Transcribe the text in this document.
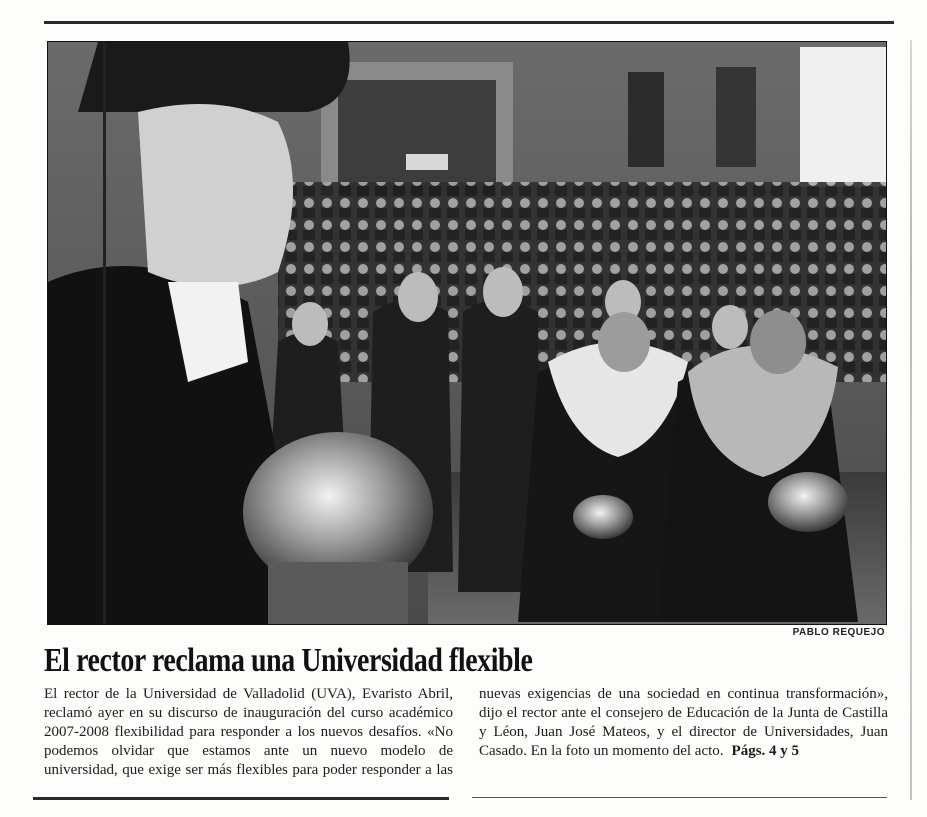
PABLO REQUEJO
El rector reclama una Universidad flexible

El rector de la Universidad de Valladolid (UVA), Evaristo Abril, reclamó ayer en su discurso de inauguración del curso académico 2007-2008 flexibilidad para responder a los nuevos desafíos. «No podemos olvidar que estamos ante un nuevo modelo de universidad, que exige ser más flexibles para poder responder a las nuevas exigencias de una sociedad en continua transformación», dijo el rector ante el consejero de Educación de la Junta de Castilla y Léon, Juan José Mateos, y el director de Universidades, Juan Casado. En la foto un momento del acto. Págs. 4 y 5
